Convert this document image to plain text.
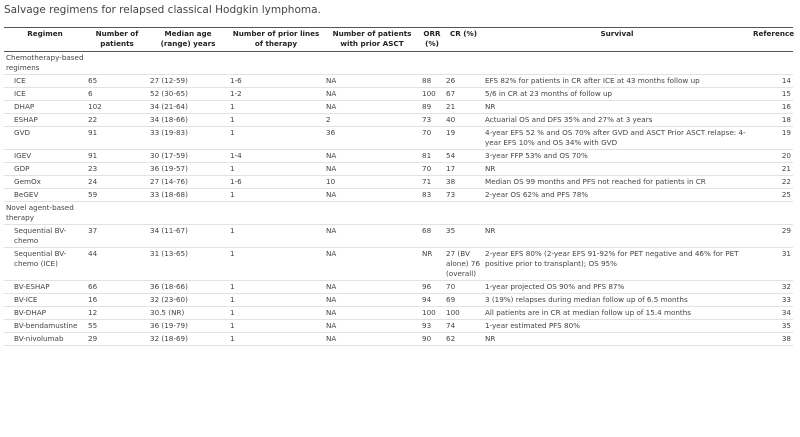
Salvage regimens for relapsed classical Hodgkin lymphoma.
Regimen	Number of patients	Median age (range) years	Number of prior lines of therapy	Number of patients with prior ASCT	ORR (%)	CR (%)	Survival	Reference
Chemotherapy-based regimens								
ICE	65	27 (12-59)	1-6	NA	88	26	EFS 82% for patients in CR after ICE at 43 months follow up	14
ICE	6	52 (30-65)	1-2	NA	100	67	5/6 in CR at 23 months of follow up	15
DHAP	102	34 (21-64)	1	NA	89	21	NR	16
ESHAP	22	34 (18-66)	1	2	73	40	Actuarial OS and DFS 35% and 27% at 3 years	18
GVD	91	33 (19-83)	1	36	70	19	4-year EFS 52 % and OS 70% after GVD and ASCT Prior ASCT relapse: 4-year EFS 10% and OS 34% with GVD	19
IGEV	91	30 (17-59)	1-4	NA	81	54	3-year FFP 53% and OS 70%	20
GDP	23	36 (19-57)	1	NA	70	17	NR	21
GemOx	24	27 (14-76)	1-6	10	71	38	Median OS 99 months and PFS not reached for patients in CR	22
BeGEV	59	33 (18-68)	1	NA	83	73	2-year OS 62% and PFS 78%	25
Novel agent-based therapy								
Sequential BV-chemo	37	34 (11-67)	1	NA	68	35	NR	29
Sequential BV-chemo (ICE)	44	31 (13-65)	1	NA	NR	27 (BV alone) 76 (overall)	2-year EFS 80% (2-year EFS 91-92% for PET negative and 46% for PET positive prior to transplant); OS 95%	31
BV-ESHAP	66	36 (18-66)	1	NA	96	70	1-year projected OS 90% and PFS 87%	32
BV-ICE	16	32 (23-60)	1	NA	94	69	3 (19%) relapses during median follow up of 6.5 months	33
BV-DHAP	12	30.5 (NR)	1	NA	100	100	All patients are in CR at median follow up of 15.4 months	34
BV-bendamustine	55	36 (19-79)	1	NA	93	74	1-year estimated PFS 80%	35
BV-nivolumab	29	32 (18-69)	1	NA	90	62	NR	38
